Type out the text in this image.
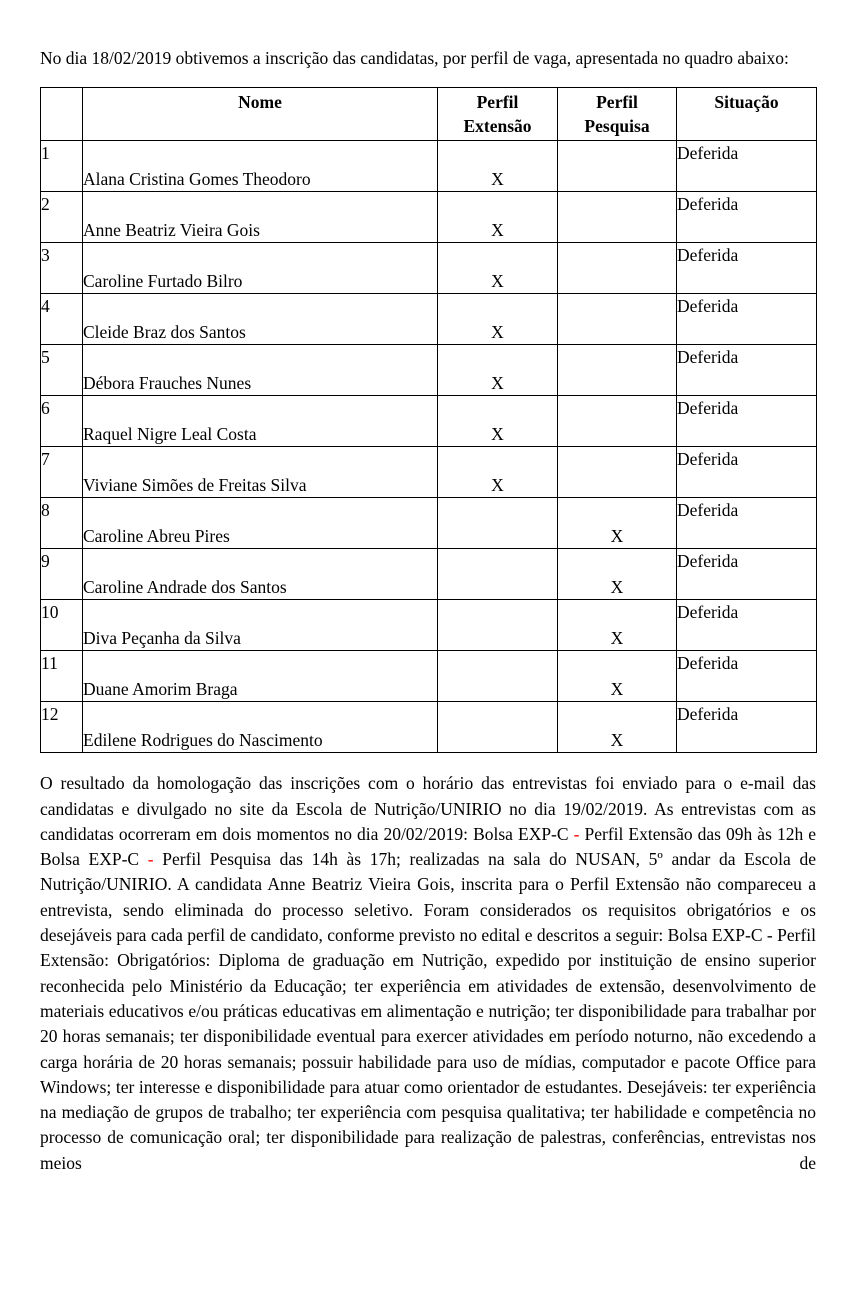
No dia 18/02/2019 obtivemos a inscrição das candidatas, por perfil de vaga, apresentada no quadro abaixo:

	Nome	Perfil Extensão	Perfil Pesquisa	Situação
1	Alana Cristina Gomes Theodoro	X		Deferida
2	Anne Beatriz Vieira Gois	X		Deferida
3	Caroline Furtado Bilro	X		Deferida
4	Cleide Braz dos Santos	X		Deferida
5	Débora Frauches Nunes	X		Deferida
6	Raquel Nigre Leal Costa	X		Deferida
7	Viviane Simões de Freitas Silva	X		Deferida
8	Caroline Abreu Pires		X	Deferida
9	Caroline Andrade dos Santos		X	Deferida
10	Diva Peçanha da Silva		X	Deferida
11	Duane Amorim Braga		X	Deferida
12	Edilene Rodrigues do Nascimento		X	Deferida

O resultado da homologação das inscrições com o horário das entrevistas foi enviado para o e-mail das candidatas e divulgado no site da Escola de Nutrição/UNIRIO no dia 19/02/2019. As entrevistas com as candidatas ocorreram em dois momentos no dia 20/02/2019: Bolsa EXP-C - Perfil Extensão das 09h às 12h e Bolsa EXP-C - Perfil Pesquisa das 14h às 17h; realizadas na sala do NUSAN, 5º andar da Escola de Nutrição/UNIRIO. A candidata Anne Beatriz Vieira Gois, inscrita para o Perfil Extensão não compareceu a entrevista, sendo eliminada do processo seletivo. Foram considerados os requisitos obrigatórios e os desejáveis para cada perfil de candidato, conforme previsto no edital e descritos a seguir: Bolsa EXP-C - Perfil Extensão: Obrigatórios: Diploma de graduação em Nutrição, expedido por instituição de ensino superior reconhecida pelo Ministério da Educação; ter experiência em atividades de extensão, desenvolvimento de materiais educativos e/ou práticas educativas em alimentação e nutrição; ter disponibilidade para trabalhar por 20 horas semanais; ter disponibilidade eventual para exercer atividades em período noturno, não excedendo a carga horária de 20 horas semanais; possuir habilidade para uso de mídias, computador e pacote Office para Windows; ter interesse e disponibilidade para atuar como orientador de estudantes. Desejáveis: ter experiência na mediação de grupos de trabalho; ter experiência com pesquisa qualitativa; ter habilidade e competência no processo de comunicação oral; ter disponibilidade para realização de palestras, conferências, entrevistas nos meios de
